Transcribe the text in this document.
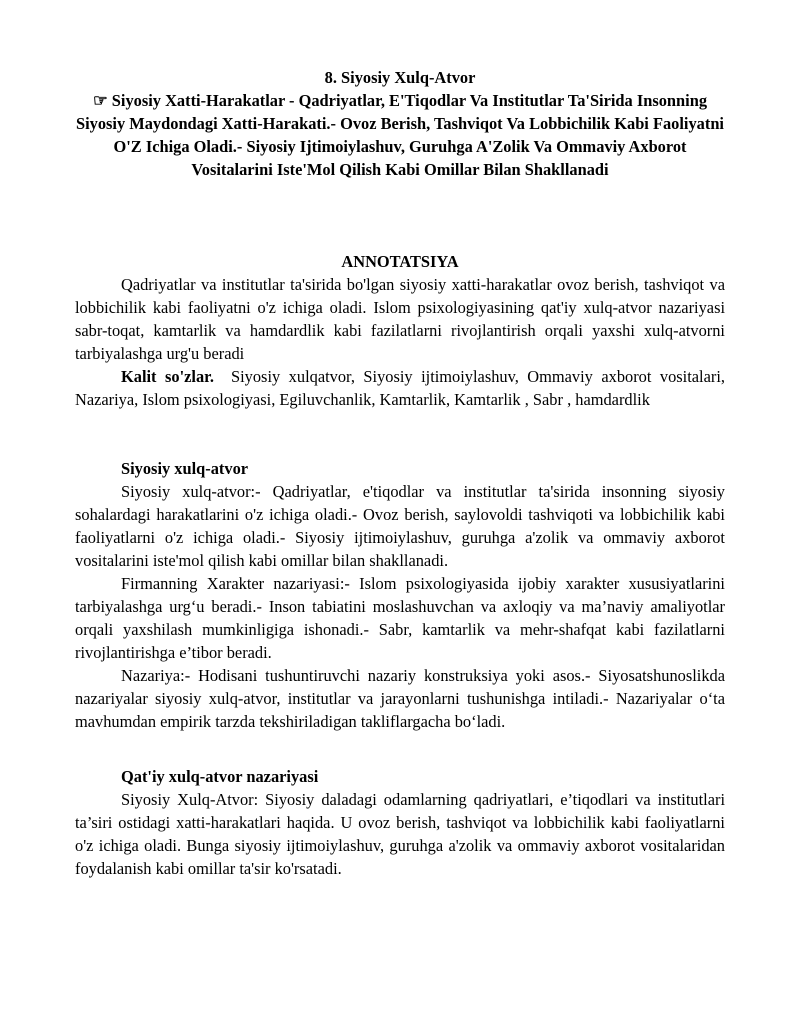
8. Siyosiy Xulq-Atvor

☞ Siyosiy Xatti-Harakatlar - Qadriyatlar, E'Tiqodlar Va Institutlar Ta'Sirida Insonning Siyosiy Maydondagi Xatti-Harakati.- Ovoz Berish, Tashviqot Va Lobbichilik Kabi Faoliyatni O'Z Ichiga Oladi.- Siyosiy Ijtimoiylashuv, Guruhga A'Zolik Va Ommaviy Axborot Vositalarini Iste'Mol Qilish Kabi Omillar Bilan Shakllanadi

ANNOTATSIYA

Qadriyatlar va institutlar ta'sirida bo'lgan siyosiy xatti-harakatlar ovoz berish, tashviqot va lobbichilik kabi faoliyatni o'z ichiga oladi. Islom psixologiyasining qat'iy xulq-atvor nazariyasi sabr-toqat, kamtarlik va hamdardlik kabi fazilatlarni rivojlantirish orqali yaxshi xulq-atvorni tarbiyalashga urg'u beradi

Kalit so'zlar. Siyosiy xulqatvor, Siyosiy ijtimoiylashuv, Ommaviy axborot vositalari, Nazariya, Islom psixologiyasi, Egiluvchanlik, Kamtarlik, Kamtarlik , Sabr , hamdardlik

Siyosiy xulq-atvor

Siyosiy xulq-atvor:- Qadriyatlar, e'tiqodlar va institutlar ta'sirida insonning siyosiy sohalardagi harakatlarini o'z ichiga oladi.- Ovoz berish, saylovoldi tashviqoti va lobbichilik kabi faoliyatlarni o'z ichiga oladi.- Siyosiy ijtimoiylashuv, guruhga a'zolik va ommaviy axborot vositalarini iste'mol qilish kabi omillar bilan shakllanadi.

Firmanning Xarakter nazariyasi:- Islom psixologiyasida ijobiy xarakter xususiyatlarini tarbiyalashga urg‘u beradi.- Inson tabiatini moslashuvchan va axloqiy va ma’naviy amaliyotlar orqali yaxshilash mumkinligiga ishonadi.- Sabr, kamtarlik va mehr-shafqat kabi fazilatlarni rivojlantirishga e’tibor beradi.

Nazariya:- Hodisani tushuntiruvchi nazariy konstruksiya yoki asos.- Siyosatshunoslikda nazariyalar siyosiy xulq-atvor, institutlar va jarayonlarni tushunishga intiladi.- Nazariyalar o‘ta mavhumdan empirik tarzda tekshiriladigan takliflargacha bo‘ladi.

Qat'iy xulq-atvor nazariyasi

Siyosiy Xulq-Atvor: Siyosiy daladagi odamlarning qadriyatlari, e’tiqodlari va institutlari ta’siri ostidagi xatti-harakatlari haqida. U ovoz berish, tashviqot va lobbichilik kabi faoliyatlarni o'z ichiga oladi. Bunga siyosiy ijtimoiylashuv, guruhga a'zolik va ommaviy axborot vositalaridan foydalanish kabi omillar ta'sir ko'rsatadi.
